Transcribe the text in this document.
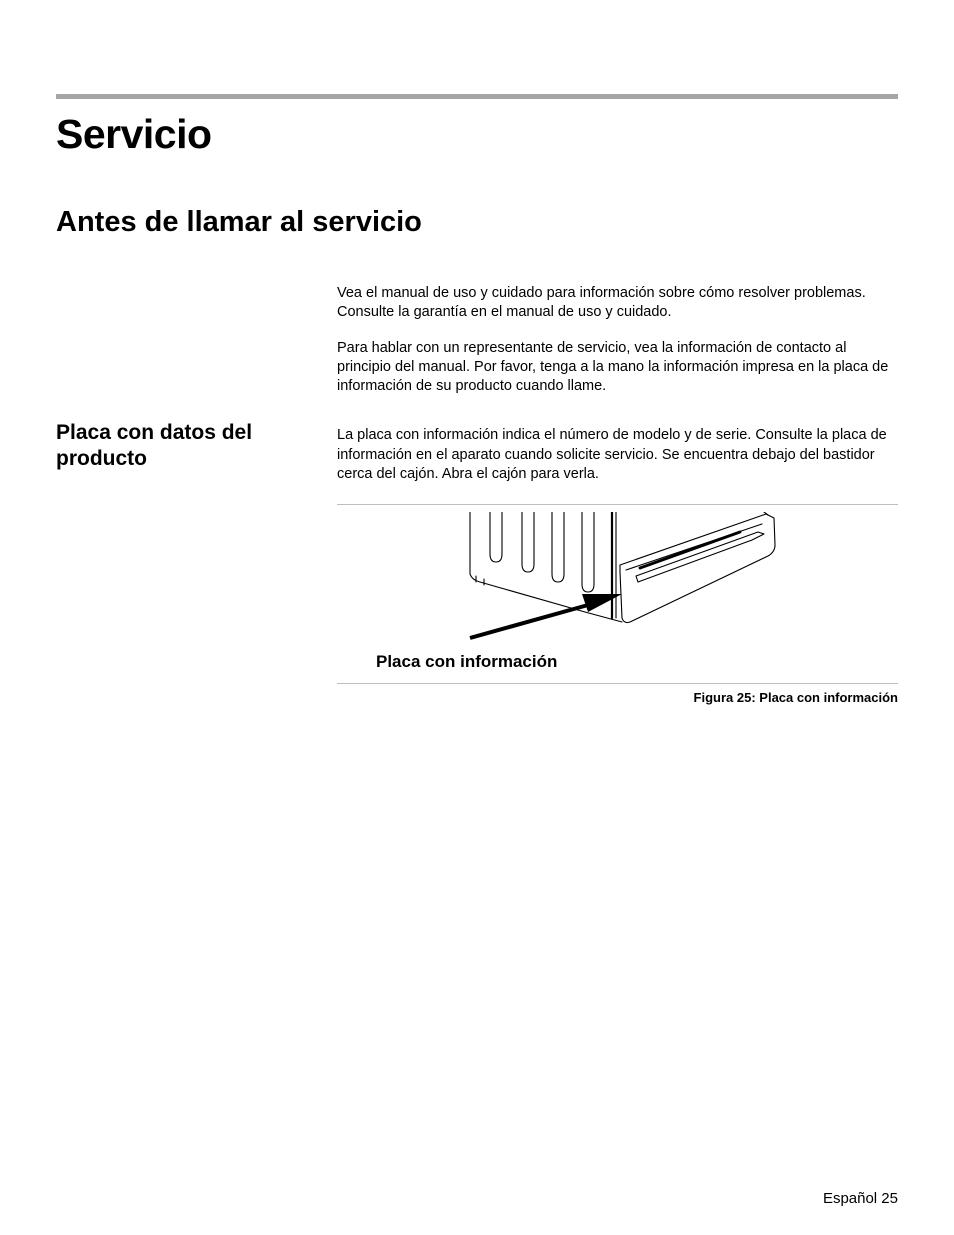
Servicio
Antes de llamar al servicio

Vea el manual de uso y cuidado para información sobre cómo resolver problemas. Consulte la garantía en el manual de uso y cuidado.

Para hablar con un representante de servicio, vea la información de contacto al principio del manual. Por favor, tenga a la mano la información impresa en la placa de información de su producto cuando llame.

Placa con datos del producto

La placa con información indica el número de modelo y de serie. Consulte la placa de información en el aparato cuando solicite servicio. Se encuentra debajo del bastidor cerca del cajón. Abra el cajón para verla.

Placa con información
Figura 25: Placa con información
Español 25
